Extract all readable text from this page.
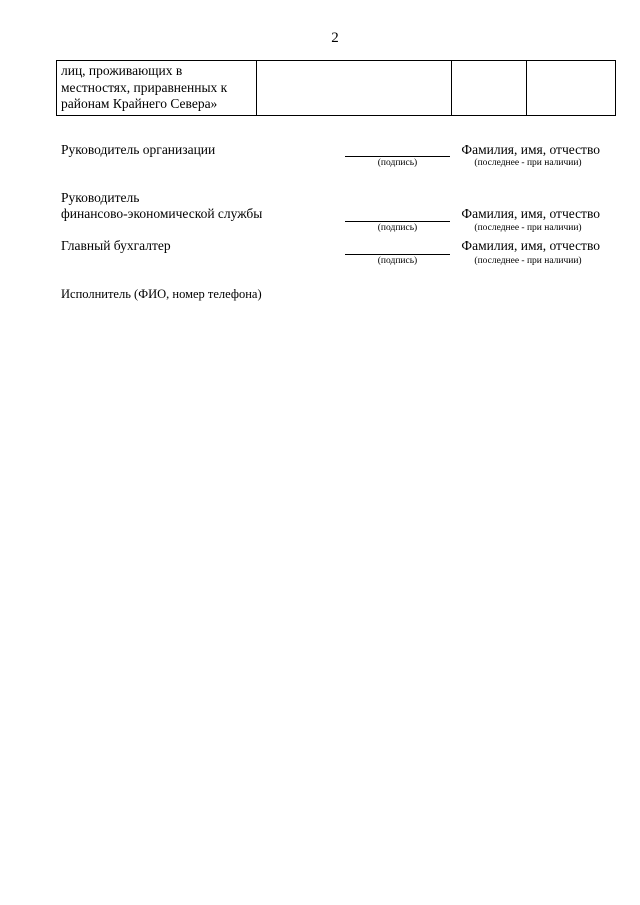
2
лиц, проживающих в
местностях, приравненных к
районам Крайнего Севера»

Руководитель организации
(подпись)
Фамилия, имя, отчество
(последнее - при наличии)
Руководитель
финансово-экономической службы
(подпись)
Фамилия, имя, отчество
(последнее - при наличии)
Главный бухгалтер
(подпись)
Фамилия, имя, отчество
(последнее - при наличии)
Исполнитель (ФИО, номер телефона)
